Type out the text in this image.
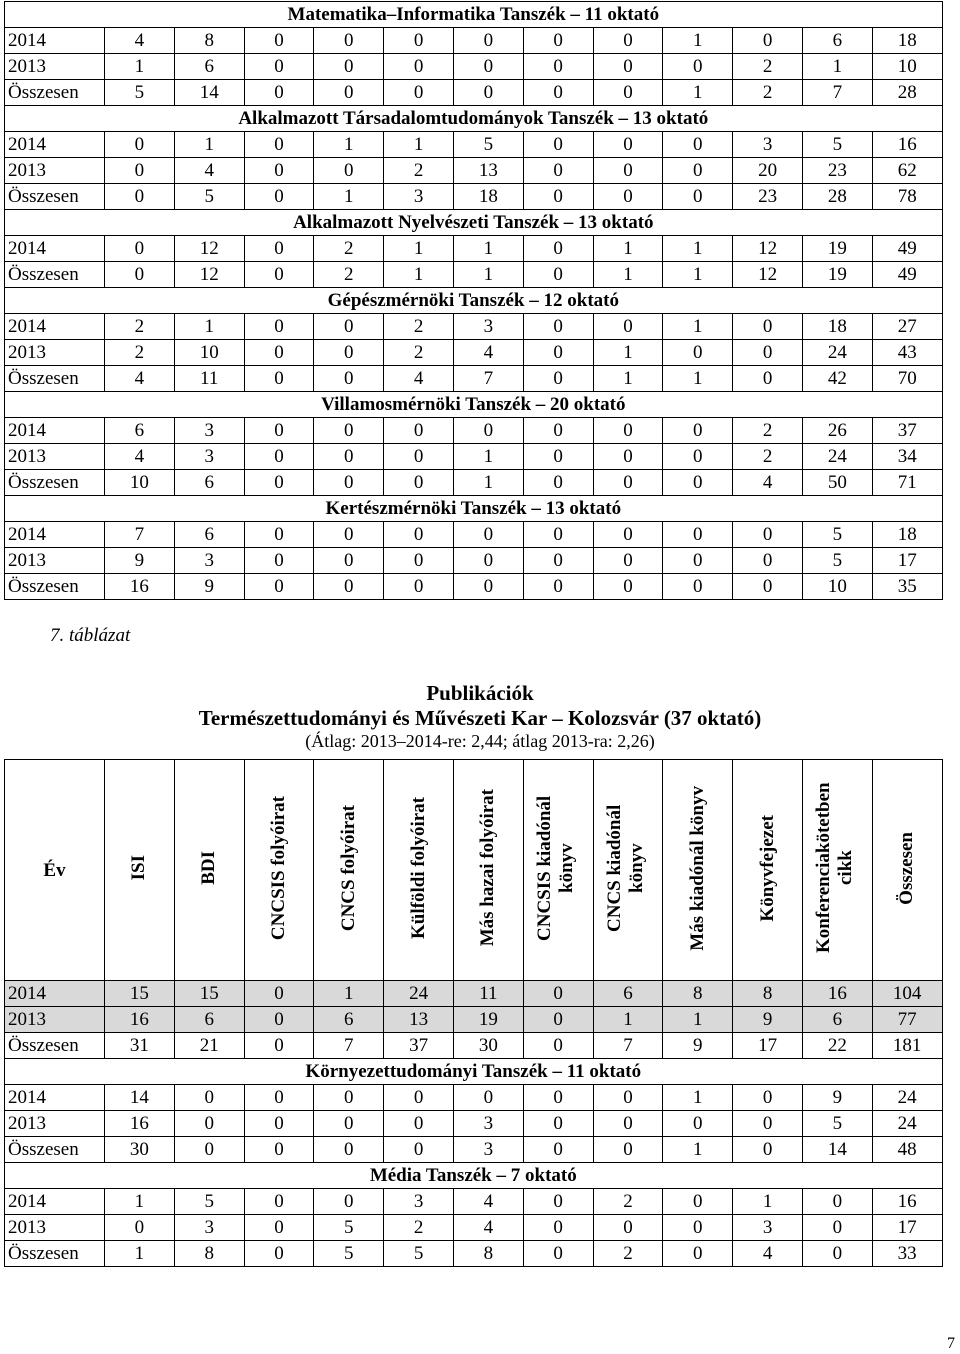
Matematika–Informatika Tanszék – 11 oktató												
2014	4	8	0	0	0	0	0	0	1	0	6	18
2013	1	6	0	0	0	0	0	0	0	2	1	10
Összesen	5	14	0	0	0	0	0	0	1	2	7	28
Alkalmazott Társadalomtudományok Tanszék – 13 oktató												
2014	0	1	0	1	1	5	0	0	0	3	5	16
2013	0	4	0	0	2	13	0	0	0	20	23	62
Összesen	0	5	0	1	3	18	0	0	0	23	28	78
Alkalmazott Nyelvészeti Tanszék – 13 oktató												
2014	0	12	0	2	1	1	0	1	1	12	19	49
Összesen	0	12	0	2	1	1	0	1	1	12	19	49
Gépészmérnöki Tanszék – 12 oktató												
2014	2	1	0	0	2	3	0	0	1	0	18	27
2013	2	10	0	0	2	4	0	1	0	0	24	43
Összesen	4	11	0	0	4	7	0	1	1	0	42	70
Villamosmérnöki Tanszék – 20 oktató												
2014	6	3	0	0	0	0	0	0	0	2	26	37
2013	4	3	0	0	0	1	0	0	0	2	24	34
Összesen	10	6	0	0	0	1	0	0	0	4	50	71
Kertészmérnöki Tanszék – 13 oktató												
2014	7	6	0	0	0	0	0	0	0	0	5	18
2013	9	3	0	0	0	0	0	0	0	0	5	17
Összesen	16	9	0	0	0	0	0	0	0	0	10	35
7. táblázat
Publikációk
Természettudományi és Művészeti Kar – Kolozsvár (37 oktató)
(Átlag: 2013–2014-re: 2,44; átlag 2013-ra: 2,26)
Év	ISI	BDI	CNCSIS folyóirat	CNCS folyóirat	Külföldi folyóirat	Más hazai folyóirat	CNCSIS kiadónál könyv	CNCS kiadónál könyv	Más kiadónál könyv	Könyvfejezet	Konferenciakötetben cikk	Összesen
2014	15	15	0	1	24	11	0	6	8	8	16	104
2013	16	6	0	6	13	19	0	1	1	9	6	77
Összesen	31	21	0	7	37	30	0	7	9	17	22	181
Környezettudományi Tanszék – 11 oktató												
2014	14	0	0	0	0	0	0	0	1	0	9	24
2013	16	0	0	0	0	3	0	0	0	0	5	24
Összesen	30	0	0	0	0	3	0	0	1	0	14	48
Média Tanszék – 7 oktató												
2014	1	5	0	0	3	4	0	2	0	1	0	16
2013	0	3	0	5	2	4	0	0	0	3	0	17
Összesen	1	8	0	5	5	8	0	2	0	4	0	33
7
